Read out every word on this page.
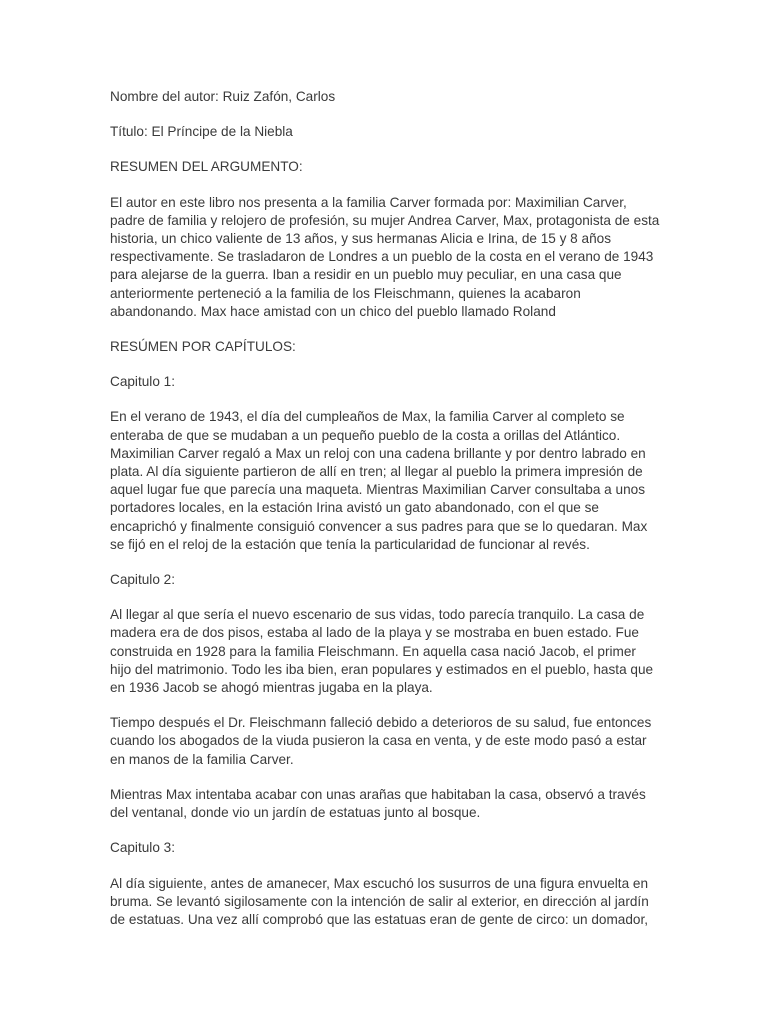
Nombre del autor: Ruiz Zafón, Carlos

Título: El Príncipe de la Niebla

RESUMEN DEL ARGUMENTO:

El autor en este libro nos presenta a la familia Carver formada por: Maximilian Carver, padre de familia y relojero de profesión, su mujer Andrea Carver, Max, protagonista de esta historia, un chico valiente de 13 años, y sus hermanas Alicia e Irina, de 15 y 8 años respectivamente. Se trasladaron de Londres a un pueblo de la costa en el verano de 1943 para alejarse de la guerra. Iban a residir en un pueblo muy peculiar, en una casa que anteriormente perteneció a la familia de los Fleischmann, quienes la acabaron abandonando. Max hace amistad con un chico del pueblo llamado Roland

RESÚMEN POR CAPÍTULOS:

Capitulo 1:

En el verano de 1943, el día del cumpleaños de Max, la familia Carver al completo se enteraba de que se mudaban a un pequeño pueblo de la costa a orillas del Atlántico. Maximilian Carver regaló a Max un reloj con una cadena brillante y por dentro labrado en plata. Al día siguiente partieron de allí en tren; al llegar al pueblo la primera impresión de aquel lugar fue que parecía una maqueta. Mientras Maximilian Carver consultaba a unos portadores locales, en la estación Irina avistó un gato abandonado, con el que se encaprichó y finalmente consiguió convencer a sus padres para que se lo quedaran. Max se fijó en el reloj de la estación que tenía la particularidad de funcionar al revés.

Capitulo 2:

Al llegar al que sería el nuevo escenario de sus vidas, todo parecía tranquilo. La casa de madera era de dos pisos, estaba al lado de la playa y se mostraba en buen estado. Fue construida en 1928 para la familia Fleischmann. En aquella casa nació Jacob, el primer hijo del matrimonio. Todo les iba bien, eran populares y estimados en el pueblo, hasta que en 1936 Jacob se ahogó mientras jugaba en la playa.

Tiempo después el Dr. Fleischmann falleció debido a deterioros de su salud, fue entonces cuando los abogados de la viuda pusieron la casa en venta, y de este modo pasó a estar en manos de la familia Carver.

Mientras Max intentaba acabar con unas arañas que habitaban la casa, observó a través del ventanal, donde vio un jardín de estatuas junto al bosque.

Capitulo 3:

Al día siguiente, antes de amanecer, Max escuchó los susurros de una figura envuelta en bruma. Se levantó sigilosamente con la intención de salir al exterior, en dirección al jardín de estatuas. Una vez allí comprobó que las estatuas eran de gente de circo: un domador,
